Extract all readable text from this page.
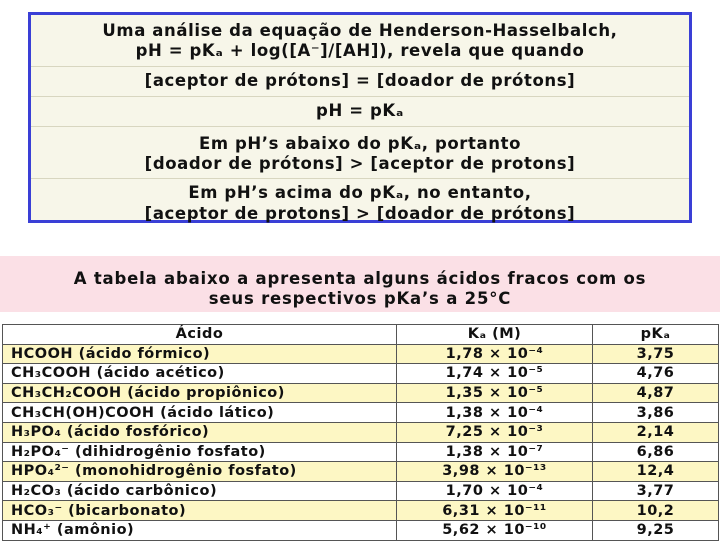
Uma análise da equação de Henderson-Hasselbalch,
pH = pKₐ + log([A⁻]/[AH]), revela que quando
[aceptor de prótons] = [doador de prótons]
pH = pKₐ
Em pH’s abaixo do pKₐ, portanto
[doador de prótons] > [aceptor de protons]
Em pH’s acima do pKₐ, no entanto,
[aceptor de protons] > [doador de prótons]
A tabela abaixo a apresenta alguns ácidos fracos com os
seus respectivos pKa’s a 25°C
Ácido	Kₐ (M)	pKₐ
HCOOH (ácido fórmico)	1,78 × 10⁻⁴	3,75
CH₃COOH (ácido acético)	1,74 × 10⁻⁵	4,76
CH₃CH₂COOH (ácido propiônico)	1,35 × 10⁻⁵	4,87
CH₃CH(OH)COOH (ácido lático)	1,38 × 10⁻⁴	3,86
H₃PO₄ (ácido fosfórico)	7,25 × 10⁻³	2,14
H₂PO₄⁻ (dihidrogênio fosfato)	1,38 × 10⁻⁷	6,86
HPO₄²⁻ (monohidrogênio fosfato)	3,98 × 10⁻¹³	12,4
H₂CO₃ (ácido carbônico)	1,70 × 10⁻⁴	3,77
HCO₃⁻ (bicarbonato)	6,31 × 10⁻¹¹	10,2
NH₄⁺ (amônio)	5,62 × 10⁻¹⁰	9,25
